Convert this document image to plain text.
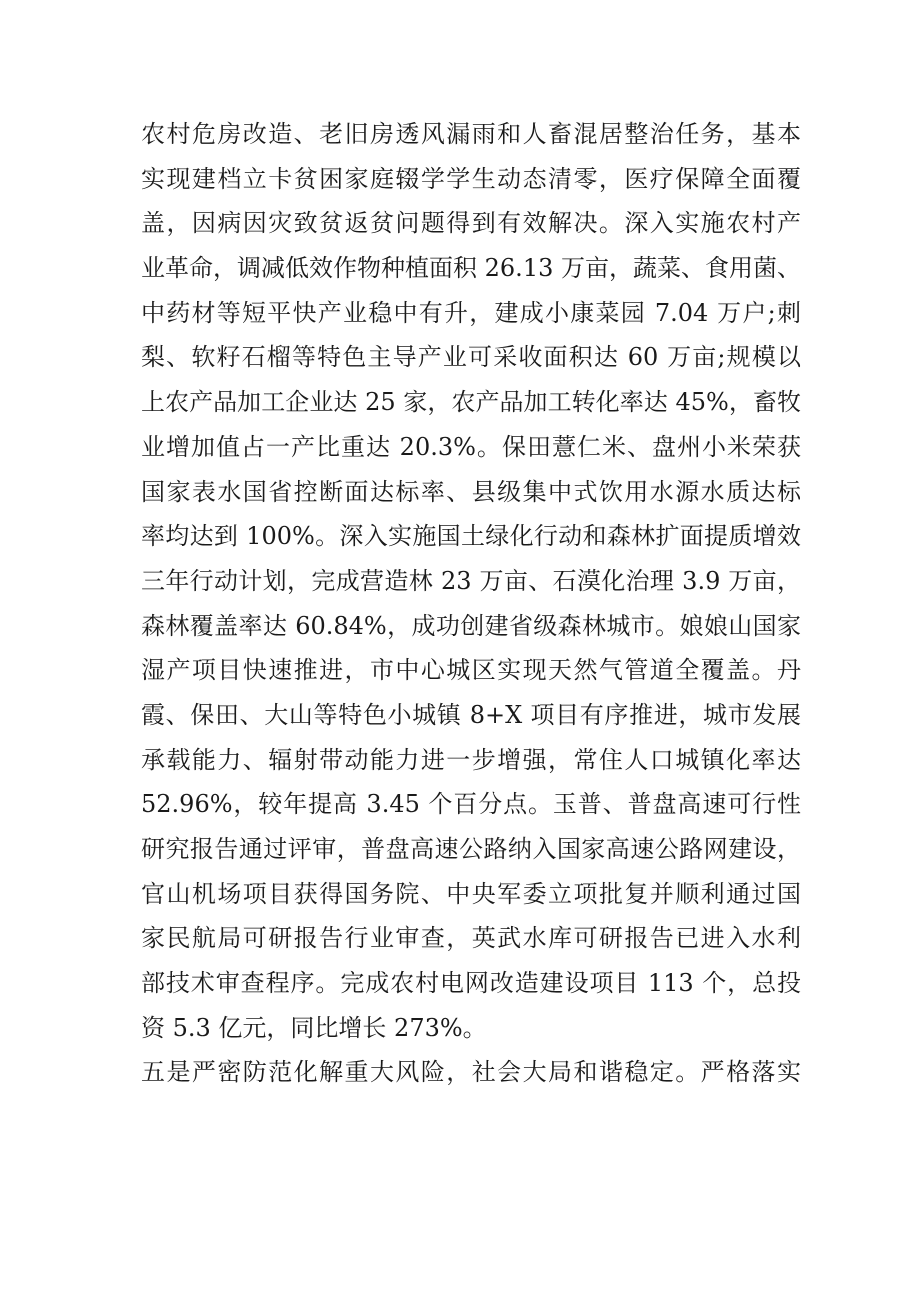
农村危房改造、老旧房透风漏雨和人畜混居整治任务，基本
实现建档立卡贫困家庭辍学学生动态清零，医疗保障全面覆
盖，因病因灾致贫返贫问题得到有效解决。深入实施农村产
业革命，调减低效作物种植面积 26.13 万亩，蔬菜、食用菌、
中药材等短平快产业稳中有升，建成小康菜园 7.04 万户;刺
梨、软籽石榴等特色主导产业可采收面积达 60 万亩;规模以
上农产品加工企业达 25 家，农产品加工转化率达 45%，畜牧
业增加值占一产比重达 20.3%。保田薏仁米、盘州小米荣获
国家表水国省控断面达标率、县级集中式饮用水源水质达标
率均达到 100%。深入实施国土绿化行动和森林扩面提质增效
三年行动计划，完成营造林 23 万亩、石漠化治理 3.9 万亩，
森林覆盖率达 60.84%，成功创建省级森林城市。娘娘山国家
湿产项目快速推进，市中心城区实现天然气管道全覆盖。丹
霞、保田、大山等特色小城镇 8+X 项目有序推进，城市发展
承载能力、辐射带动能力进一步增强，常住人口城镇化率达
52.96%，较年提高 3.45 个百分点。玉普、普盘高速可行性
研究报告通过评审，普盘高速公路纳入国家高速公路网建设，
官山机场项目获得国务院、中央军委立项批复并顺利通过国
家民航局可研报告行业审查，英武水库可研报告已进入水利
部技术审查程序。完成农村电网改造建设项目 113 个，总投
资 5.3 亿元，同比增长 273%。
五是严密防范化解重大风险，社会大局和谐稳定。严格落实
